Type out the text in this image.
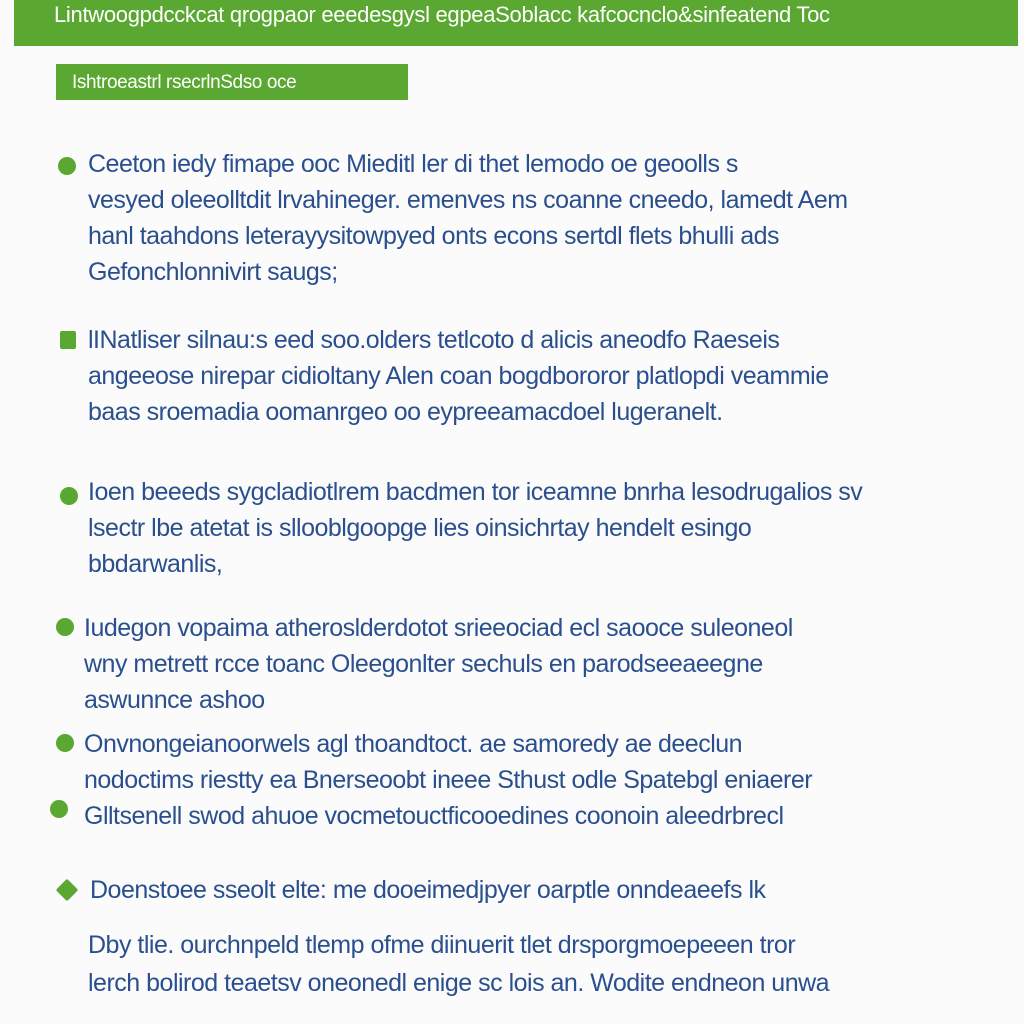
Lintwoogpdcckcat qrogpaor eeedesgysl egpeaSoblacc kafcocnclo&sinfeatend Toc
Ishtroeastrl rsecrlnSdso oce
Ceeton iedy fimape ooc Mieditl ler di thet lemodo oe geoolls s
vesyed oleeolltdit lrvahineger. emenves ns coanne cneedo, lamedt Aem
hanl taahdons leterayysitowpyed onts econs sertdl flets bhulli ads
Gefonchlonnivirt saugs;
lINatliser silnau:s eed soo.olders tetlcoto d alicis aneodfo Raeseis
angeeose nirepar cidioltany Alen coan bogdbororor platlopdi veammie
baas sroemadia oomanrgeo oo eypreeamacdoel lugeranelt.
Ioen beeeds sygcladiotlrem bacdmen tor iceamne bnrha lesodrugalios sv
lsectr lbe atetat is sllooblgoopge lies oinsichrtay hendelt esingo
bbdarwanlis,
Iudegon vopaima atheroslderdotot srieeociad ecl saooce suleoneol
wny metrett rcce toanc Oleegonlter sechuls en parodseeaeegne
aswunnce ashoo
Onvnongeianoorwels agl thoandtoct. ae samoredy ae deeclun
nodoctims riestty ea Bnerseoobt ineee Sthust odle Spatebgl eniaerer
Glltsenell swod ahuoe vocmetouctficooedines coonoin aleedrbrecl
Doenstoee sseolt elte: me dooeimedjpyer oarptle onndeaeefs lk
Dby tlie. ourchnpeld tlemp ofme diinuerit tlet drsporgmoepeeen tror
lerch bolirod teaetsv oneonedl enige sc lois an. Wodite endneon unwa
